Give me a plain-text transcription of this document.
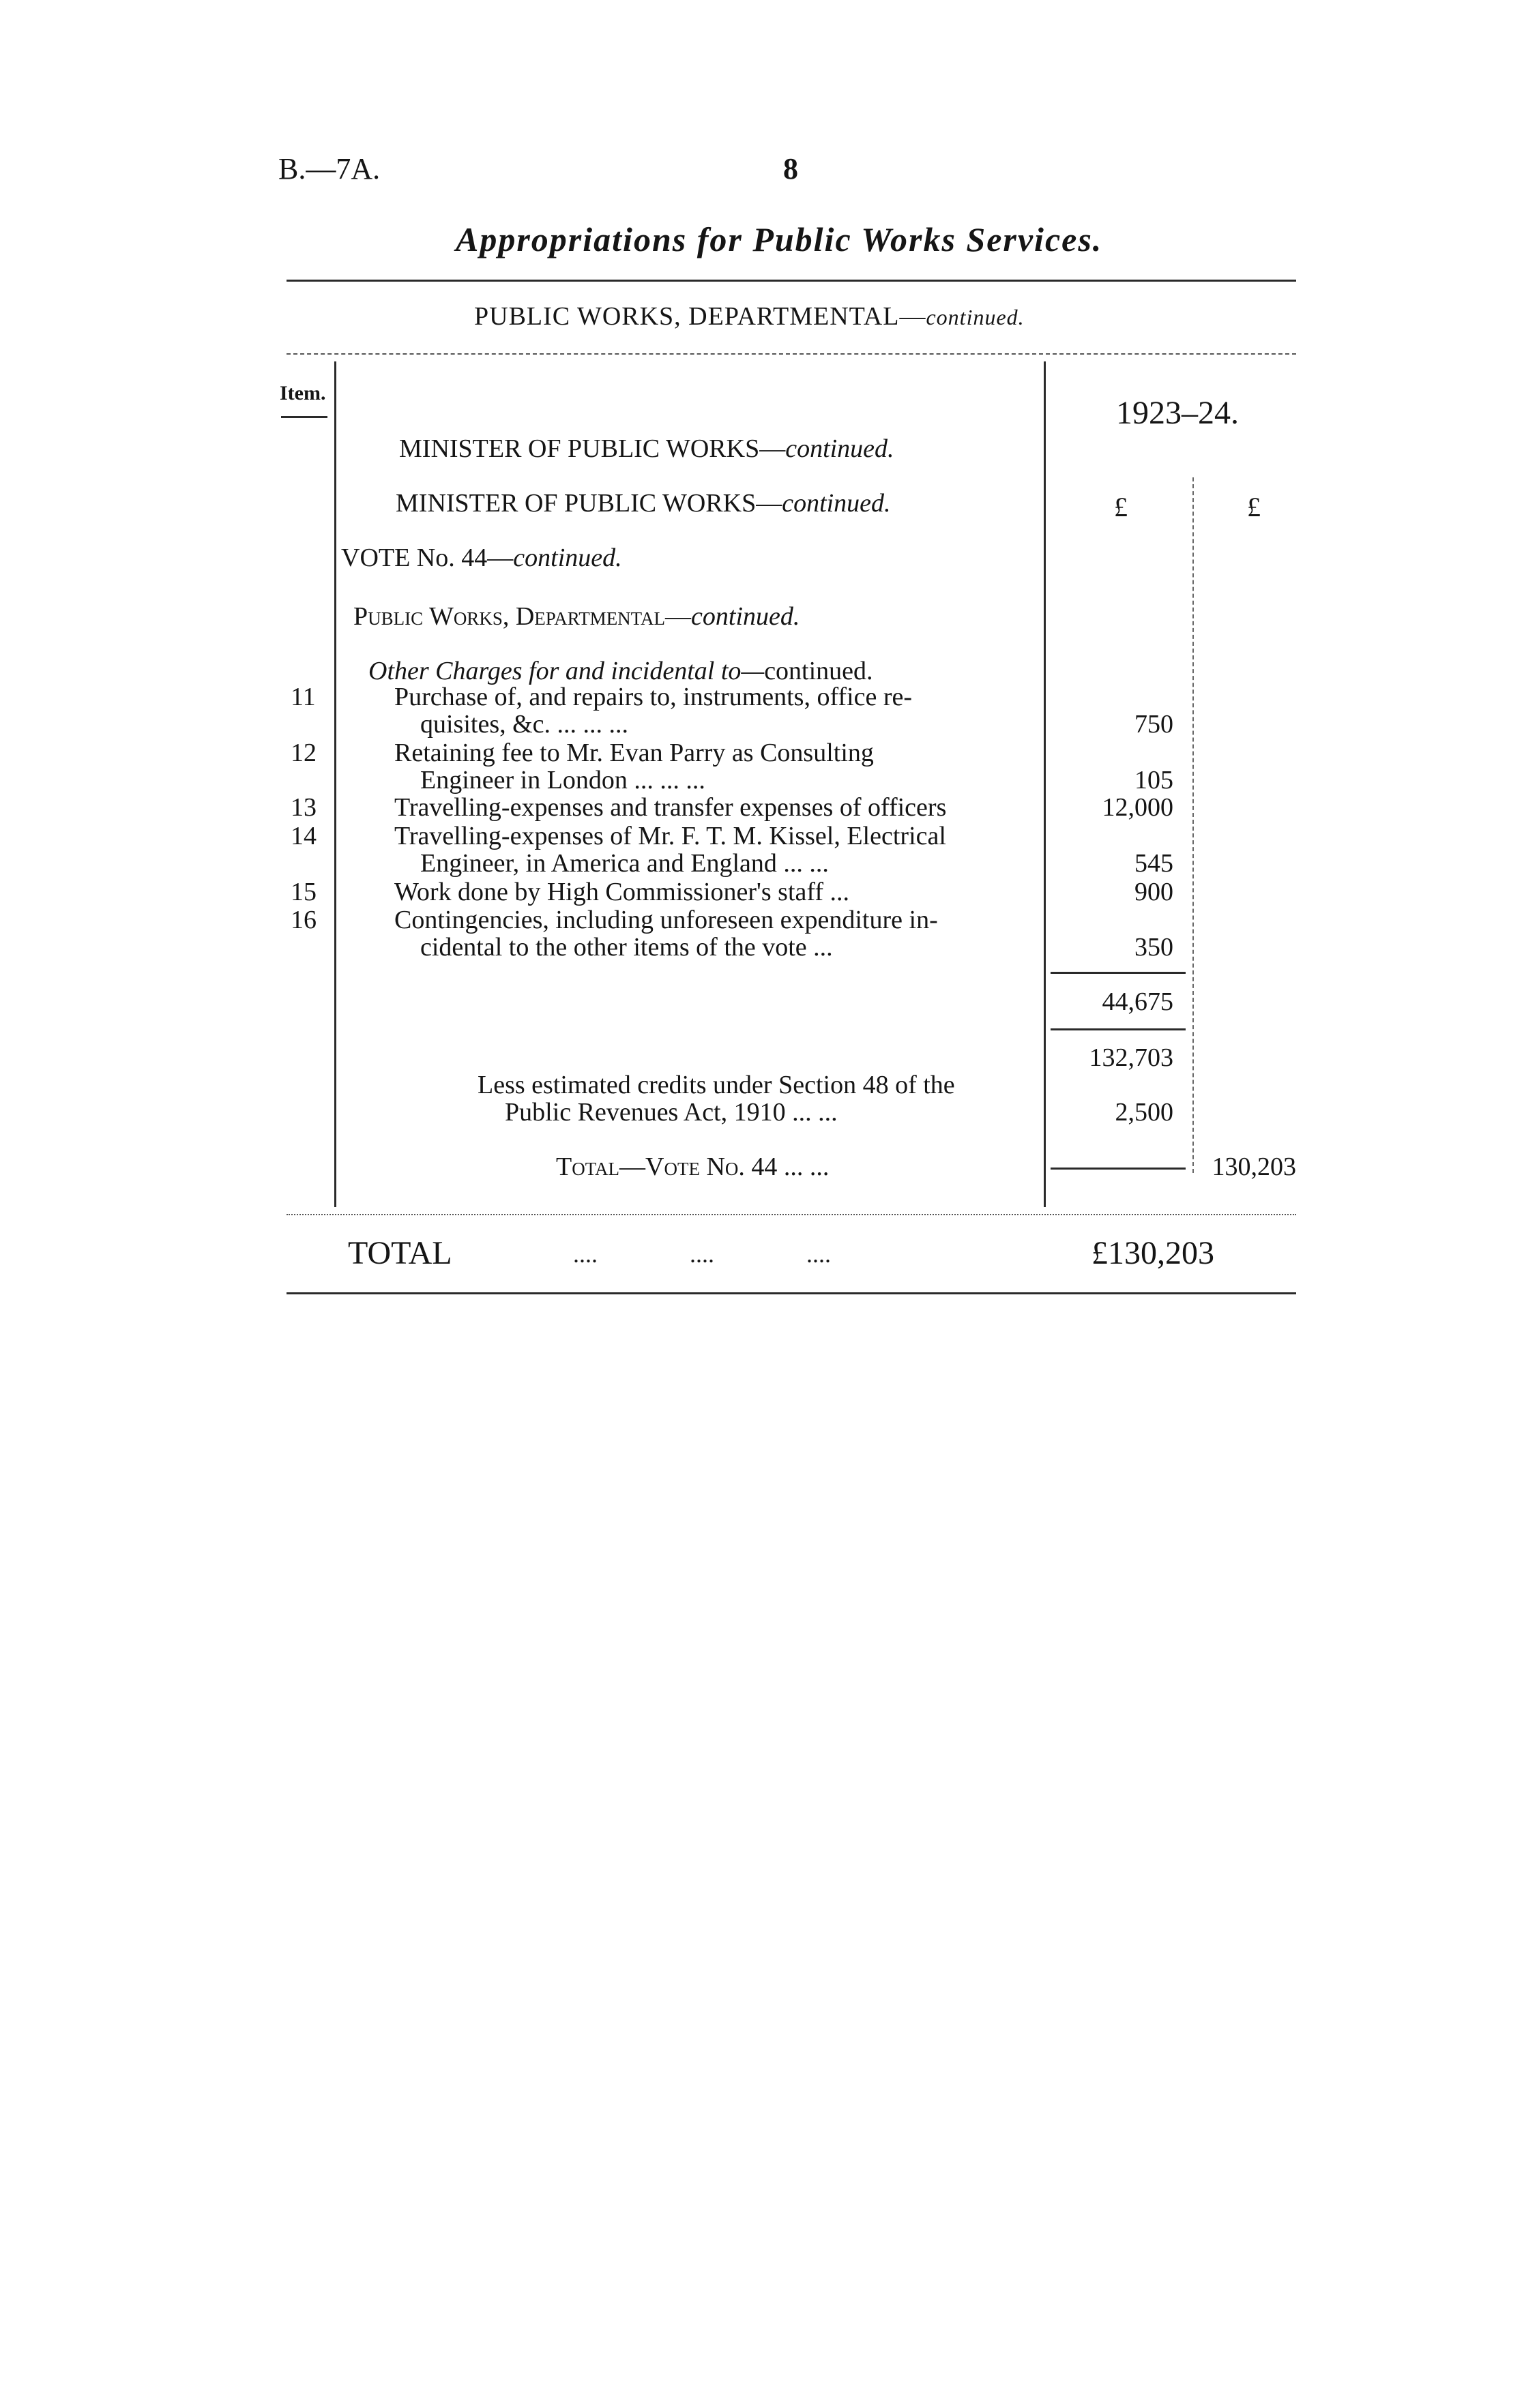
B.—7A.	8
Appropriations for Public Works Services.
PUBLIC WORKS, DEPARTMENTAL—continued.
Item.
1923–24.
£	£
MINISTER OF PUBLIC WORKS—continued.
MINISTER OF PUBLIC WORKS—continued.
VOTE No. 44—continued.
Public Works, Departmental—continued.
Other Charges for and incidental to—continued.
11	Purchase of, and repairs to, instruments, office re-
quisites, &c. ... ... ...	750
12	Retaining fee to Mr. Evan Parry as Consulting
Engineer in London ... ... ...	105
13	Travelling-expenses and transfer expenses of officers	12,000
14	Travelling-expenses of Mr. F. T. M. Kissel, Electrical
Engineer, in America and England ... ...	545
15	Work done by High Commissioner's staff ...	900
16	Contingencies, including unforeseen expenditure in-
cidental to the other items of the vote ...	350
44,675
132,703
Less estimated credits under Section 48 of the
Public Revenues Act, 1910 ... ...	2,500
Total—Vote No. 44 ... ...	130,203
TOTAL	....               ....               ....	£130,203
